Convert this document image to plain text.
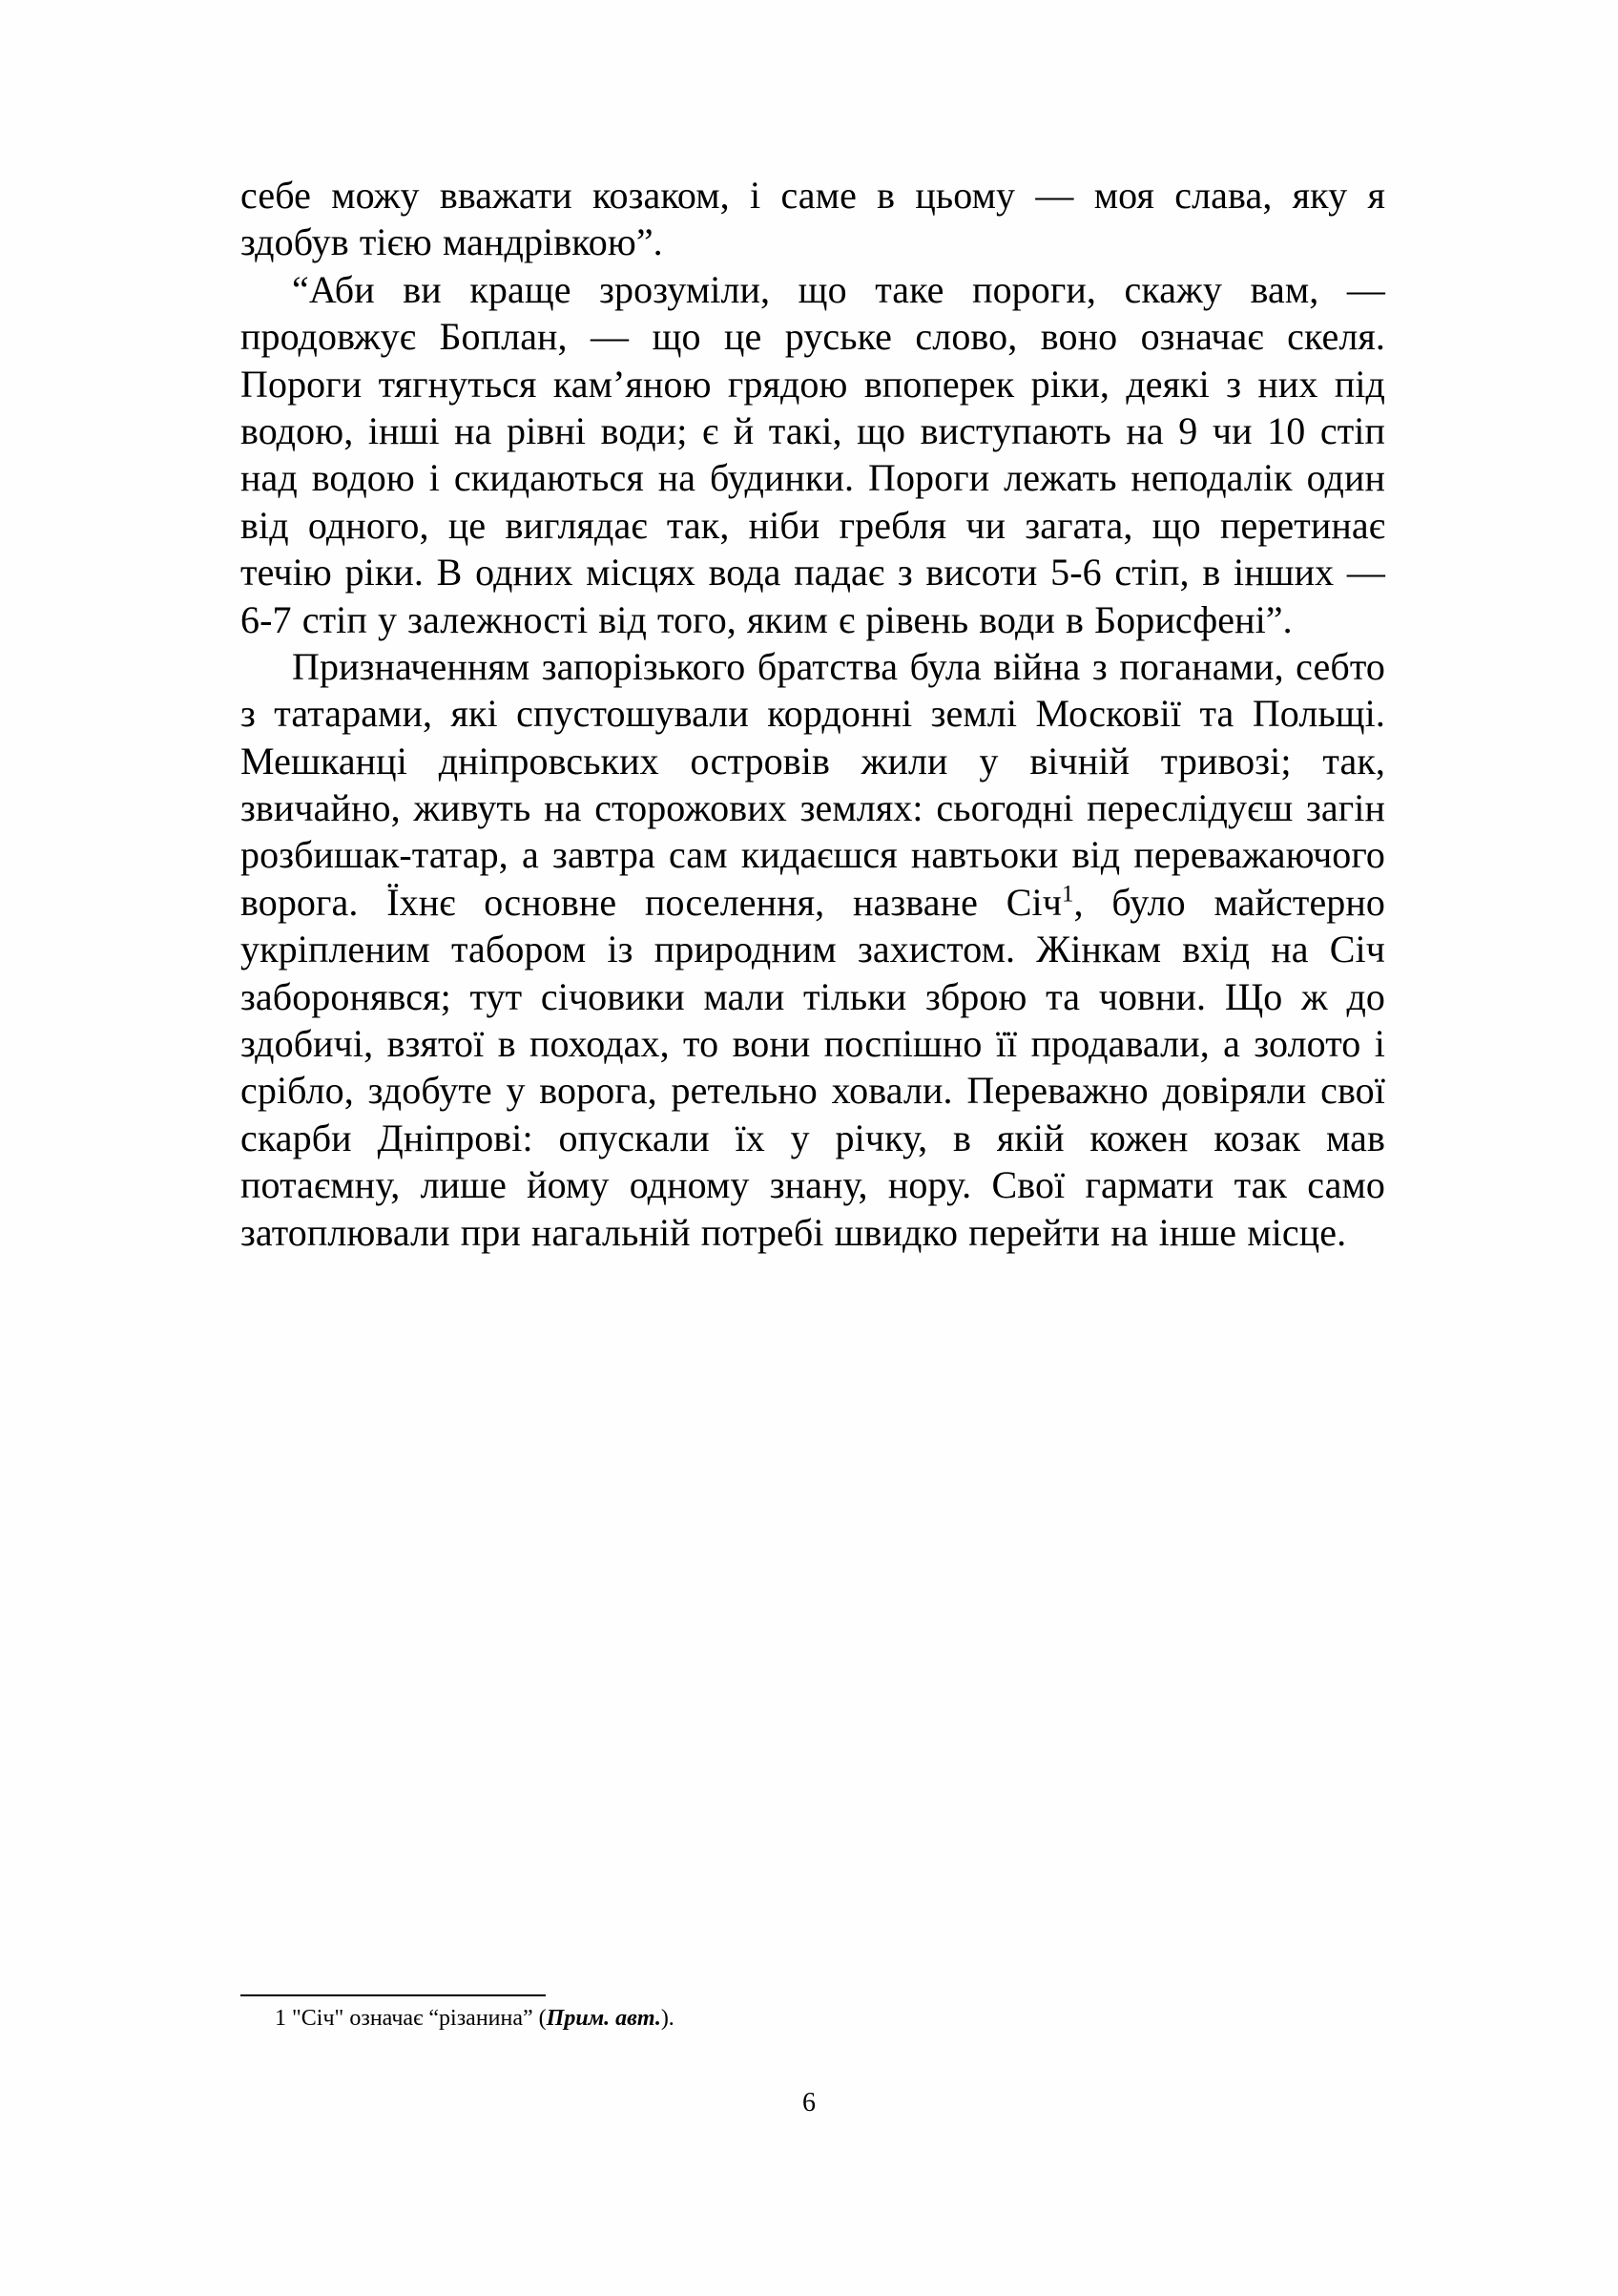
себе можу вважати козаком, і саме в цьому — моя слава, яку я здобув тією мандрівкою”.

“Аби ви краще зрозуміли, що таке пороги, скажу вам, — продовжує Боплан, — що це руське слово, воно означає скеля. Пороги тягнуться кам’яною грядою впоперек ріки, деякі з них під водою, інші на рівні води; є й такі, що виступають на 9 чи 10 стіп над водою і скидаються на будинки. Пороги лежать неподалік один від одного, це виглядає так, ніби гребля чи загата, що перетинає течію ріки. В одних місцях вода падає з висоти 5-6 стіп, в інших — 6-7 стіп у залежності від того, яким є рівень води в Борисфені”.

Призначенням запорізького братства була війна з поганами, себто з татарами, які спустошували кордонні землі Московії та Польщі. Мешканці дніпровських островів жили у вічній тривозі; так, звичайно, живуть на сторожових землях: сьогодні переслідуєш загін розбишак-татар, а завтра сам кидаєшся навтьоки від переважаючого ворога. Їхнє основне поселення, назване Січ$^1$, було майстерно укріпленим табором із природним захистом. Жінкам вхід на Січ заборонявся; тут січовики мали тільки зброю та човни. Що ж до здобичі, взятої в походах, то вони поспішно її продавали, а золото і срібло, здобуте у ворога, ретельно ховали. Переважно довіряли свої скарби Дніпрові: опускали їх у річку, в якій кожен козак мав потаємну, лише йому одному знану, нору. Свої гармати так само затоплювали при нагальній потребі швидко перейти на інше місце.

1 "Січ" означає “різанина” (Прим. авт.).
6
